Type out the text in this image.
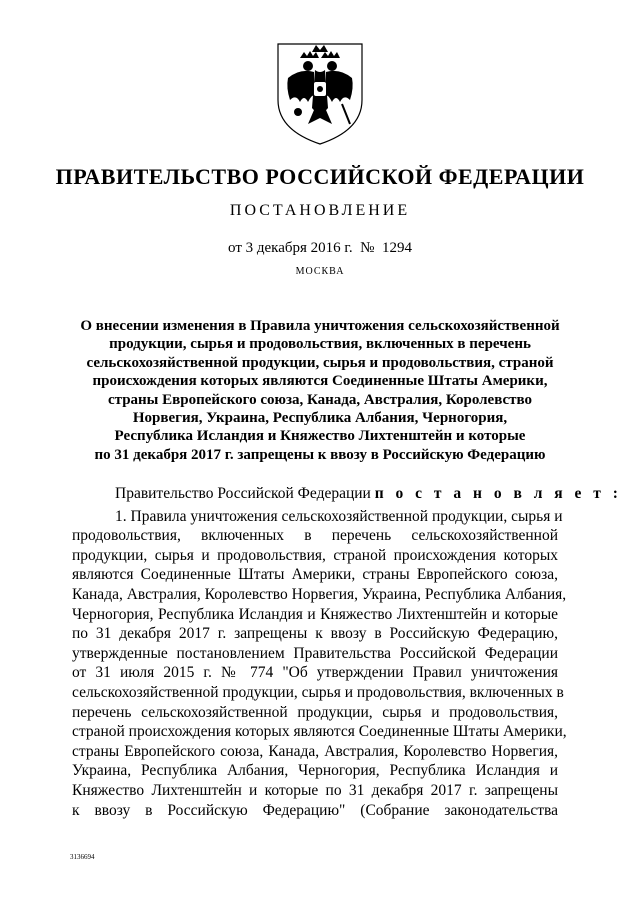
ПРАВИТЕЛЬСТВО РОССИЙСКОЙ ФЕДЕРАЦИИ
ПОСТАНОВЛЕНИЕ
от 3 декабря 2016 г.  №  1294
МОСКВА
О внесении изменения в Правила уничтожения сельскохозяйственной
продукции, сырья и продовольствия, включенных в перечень
сельскохозяйственной продукции, сырья и продовольствия, страной
происхождения которых являются Соединенные Штаты Америки,
страны Европейского союза, Канада, Австралия, Королевство
Норвегия, Украина, Республика Албания, Черногория,
Республика Исландия и Княжество Лихтенштейн и которые
по 31 декабря 2017 г. запрещены к ввозу в Российскую Федерацию
Правительство Российской Федерации п о с т а н о в л я е т :
1. Правила уничтожения сельскохозяйственной продукции, сырья и
продовольствия, включенных в перечень сельскохозяйственной
продукции, сырья и продовольствия, страной происхождения которых
являются Соединенные Штаты Америки, страны Европейского союза,
Канада, Австралия, Королевство Норвегия, Украина, Республика Албания,
Черногория, Республика Исландия и Княжество Лихтенштейн и которые
по 31 декабря 2017 г. запрещены к ввозу в Российскую Федерацию,
утвержденные постановлением Правительства Российской Федерации
от 31 июля 2015 г. № 774 "Об утверждении Правил уничтожения
сельскохозяйственной продукции, сырья и продовольствия, включенных в
перечень сельскохозяйственной продукции, сырья и продовольствия,
страной происхождения которых являются Соединенные Штаты Америки,
страны Европейского союза, Канада, Австралия, Королевство Норвегия,
Украина, Республика Албания, Черногория, Республика Исландия и
Княжество Лихтенштейн и которые по 31 декабря 2017 г. запрещены
к ввозу в Российскую Федерацию" (Собрание законодательства
3136694
